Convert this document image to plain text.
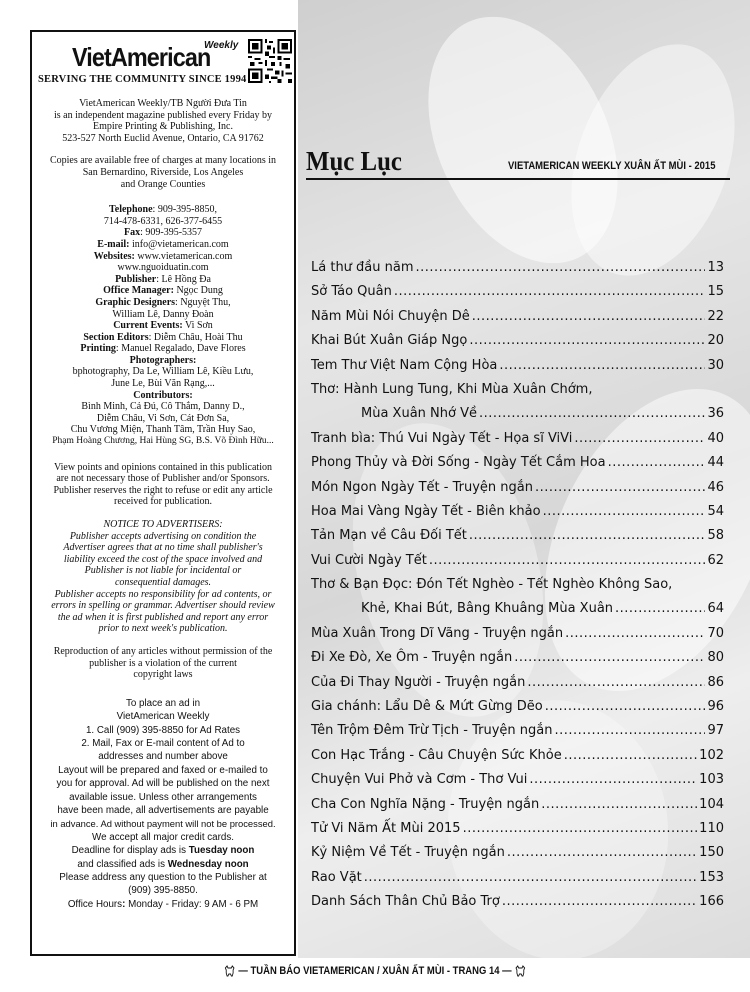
VietAmerican
Weekly
SERVING THE COMMUNITY SINCE 1994
VietAmerican Weekly/TB Người Đưa Tin
is an independent magazine published every Friday by
Empire Printing & Publishing, Inc.
523-527 North Euclid Avenue, Ontario, CA 91762
Copies are available free of charges at many locations in
San Bernardino, Riverside, Los Angeles
and Orange Counties
Telephone: 909-395-8850,
714-478-6331, 626-377-6455
Fax: 909-395-5357
E-mail: info@vietamerican.com
Websites: www.vietamerican.com
www.nguoiduatin.com
Publisher: Lê Hồng Đa
Office Manager: Ngọc Dung
Graphic Designers: Nguyệt Thu,
William Lê, Danny Đoàn
Current Events: Vi Sơn
Section Editors: Diễm Châu, Hoài Thu
Printing: Manuel Regalado, Dave Flores
Photographers:
bphotography, Da Le, William Lê, Kiều Lưu,
June Le, Bùi Văn Rạng,...
Contributors:
Bình Minh, Cả Đú, Cô Thắm, Danny D.,
Diễm Châu, Vi Sơn, Cát Đơn Sa,
Chu Vương Miện, Thanh Tâm, Trần Huy Sao,
Phạm Hoàng Chương, Hai Hùng SG, B.S. Võ Đình Hữu...
View points and opinions contained in this publication
are not necessary those of Publisher and/or Sponsors.
Publisher reserves the right to refuse or edit any article
received for publication.
NOTICE TO ADVERTISERS:
Publisher accepts advertising on condition the
Advertiser agrees that at no time shall publisher's
liability exceed the cost of the space involved and
Publisher is not liable for incidental or
consequential damages.
Publisher accepts no responsibility for ad contents, or
errors in spelling or grammar. Advertiser should review
the ad when it is first published and report any error
prior to next week's publication.
Reproduction of any articles without permission of the
publisher is a violation of the current
copyright laws
To place an ad in
VietAmerican Weekly
1. Call (909) 395-8850 for Ad Rates
2. Mail, Fax or E-mail content of Ad to
addresses and number above
Layout will be prepared and faxed or e-mailed to
you for approval. Ad will be published on the next
available issue. Unless other arrangements
have been made, all advertisements are payable
in advance. Ad without payment will not be processed.
We accept all major credit cards.
Deadline for display ads is Tuesday noon
and classified ads is Wednesday noon
Please address any question to the Publisher at
(909) 395-8850.
Office Hours: Monday - Friday: 9 AM - 6 PM
Mục Lục	VIETAMERICAN WEEKLY XUÂN ẤT MÙI - 2015
Lá thư đầu năm .....	13
Sở Táo Quân .....	15
Năm Mùi Nói Chuyện Dê .....	22
Khai Bút Xuân Giáp Ngọ .....	20
Tem Thư Việt Nam Cộng Hòa .....	30
Thơ: Hành Lung Tung, Khi Mùa Xuân Chớm,
Mùa Xuân Nhớ Về .....	36
Tranh bìa: Thú Vui Ngày Tết - Họa sĩ ViVi .....	40
Phong Thủy và Đời Sống - Ngày Tết Cắm Hoa .....	44
Món Ngon Ngày Tết - Truyện ngắn .....	46
Hoa Mai Vàng Ngày Tết - Biên khảo .....	54
Tản Mạn về Câu Đối Tết .....	58
Vui Cười Ngày Tết .....	62
Thơ & Bạn Đọc: Đón Tết Nghèo - Tết Nghèo Không Sao,
Khẻ, Khai Bút, Bâng Khuâng Mùa Xuân .....	64
Mùa Xuân Trong Dĩ Vãng - Truyện ngắn .....	70
Đi Xe Đò, Xe Ôm - Truyện ngắn .....	80
Của Đi Thay Người - Truyện ngắn .....	86
Gia chánh: Lẩu Dê & Mứt Gừng Dẽo .....	96
Tên Trộm Đêm Trừ Tịch - Truyện ngắn .....	97
Con Hạc Trắng - Câu Chuyện Sức Khỏe .....	102
Chuyện Vui Phở và Cơm - Thơ Vui .....	103
Cha Con Nghĩa Nặng - Truyện ngắn .....	104
Tử Vi Năm Ất Mùi 2015 .....	110
Kỷ Niệm Về Tết - Truyện ngắn .....	150
Rao Vặt .....	153
Danh Sách Thân Chủ Bảo Trợ .....	166
— TUẦN BÁO VIETAMERICAN / XUÂN ẤT MÙI - TRANG 14 —
